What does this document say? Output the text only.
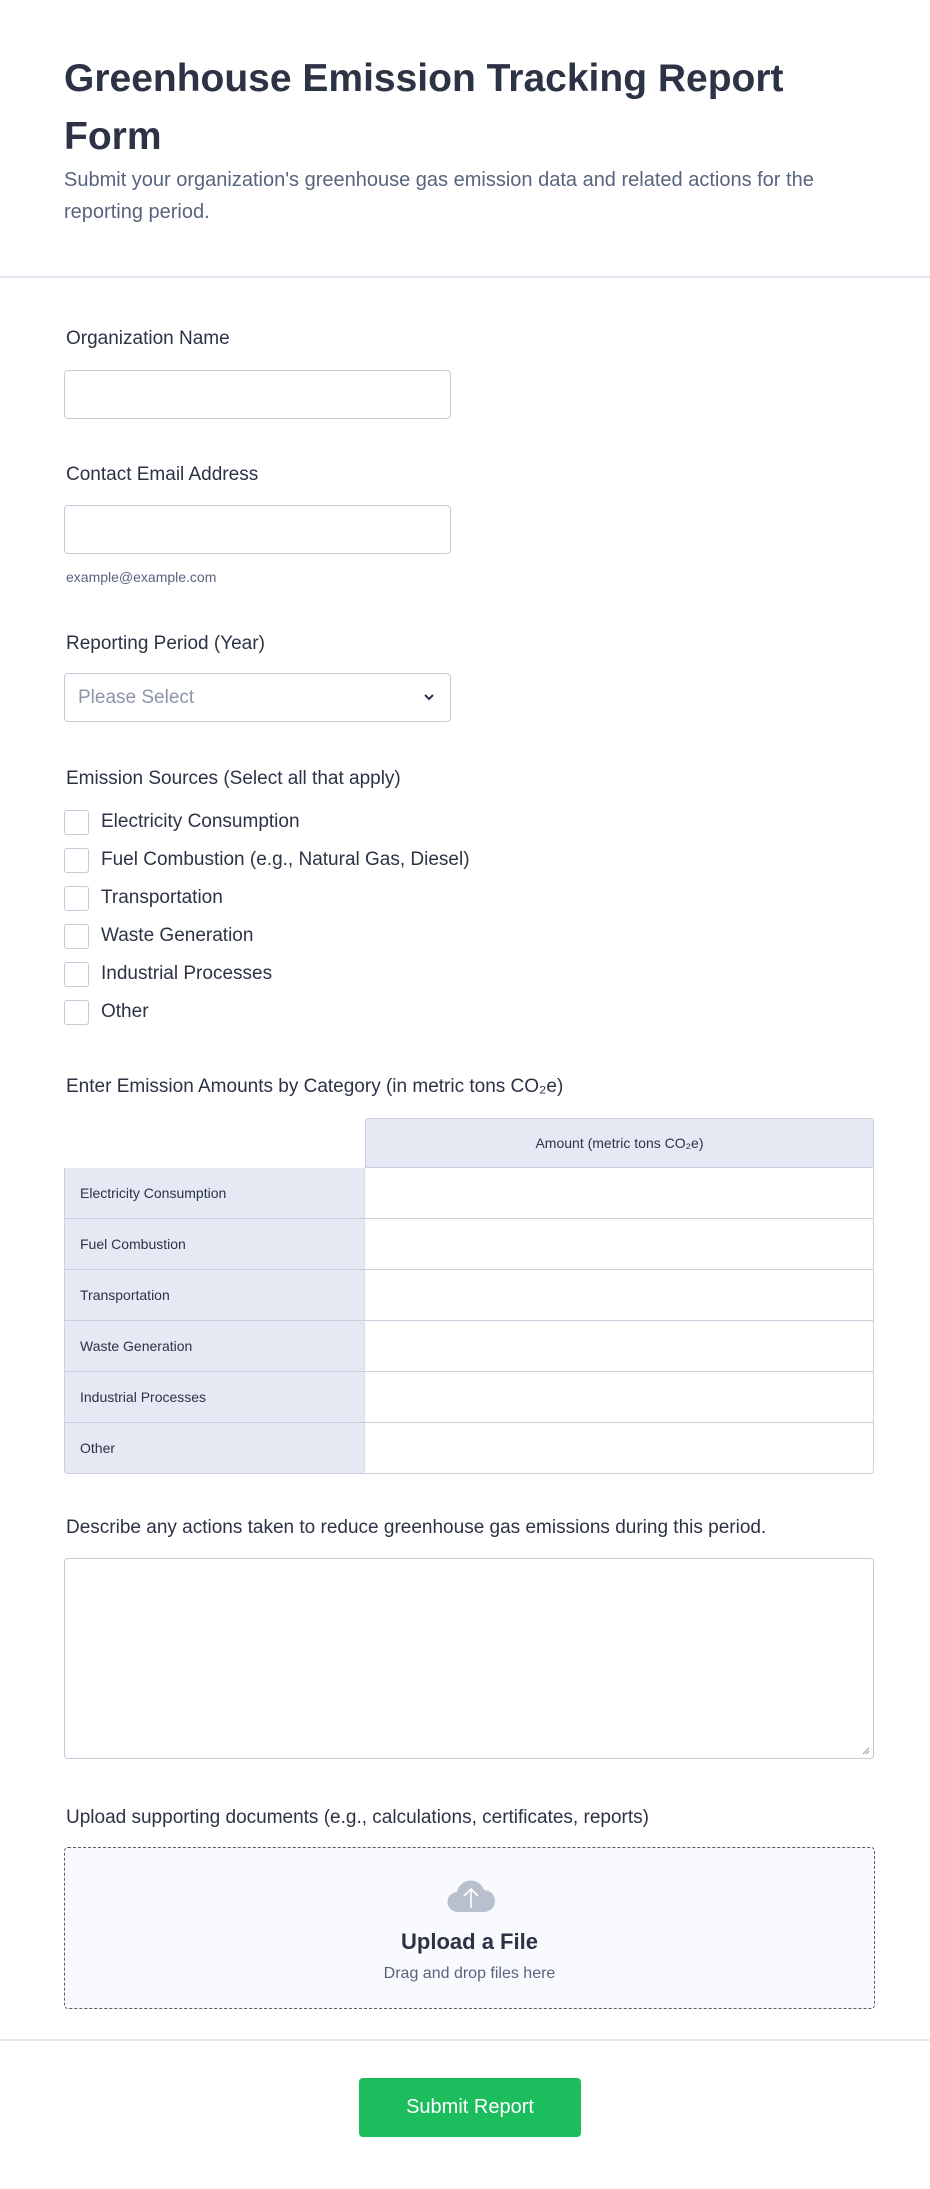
Greenhouse Emission Tracking Report Form
Submit your organization's greenhouse gas emission data and related actions for the reporting period.
Organization Name
Contact Email Address
example@example.com
Reporting Period (Year)
Please Select
Emission Sources (Select all that apply)
Electricity Consumption
Fuel Combustion (e.g., Natural Gas, Diesel)
Transportation
Waste Generation
Industrial Processes
Other
Enter Emission Amounts by Category (in metric tons CO₂e)
	Amount (metric tons CO₂e)
Electricity Consumption	
Fuel Combustion	
Transportation	
Waste Generation	
Industrial Processes	
Other	
Describe any actions taken to reduce greenhouse gas emissions during this period.
Upload supporting documents (e.g., calculations, certificates, reports)
Upload a File
Drag and drop files here
Submit Report
